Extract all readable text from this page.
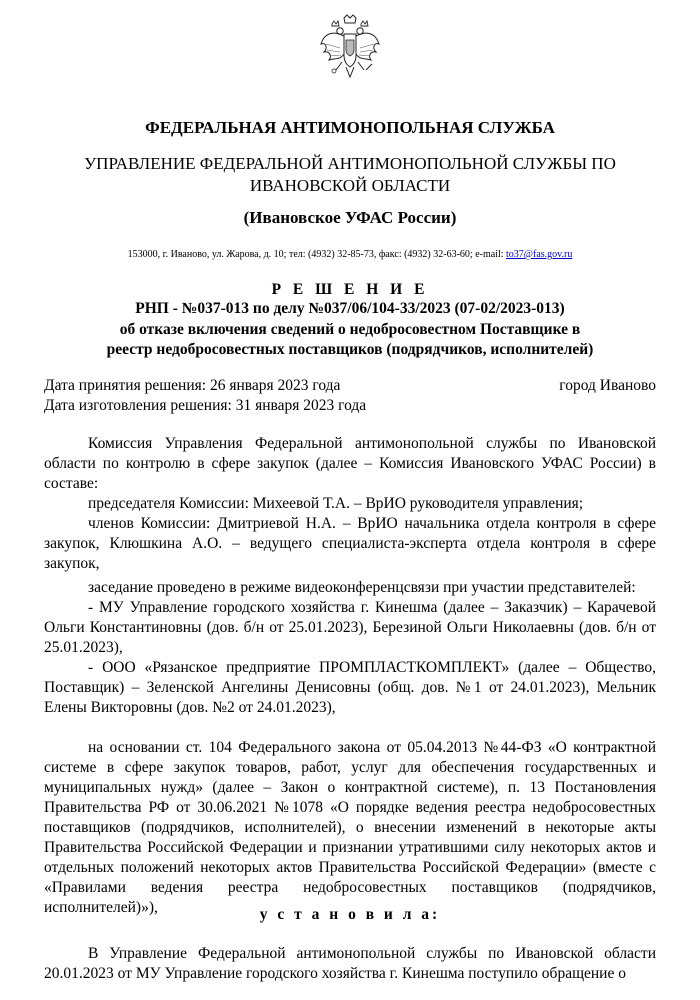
ФЕДЕРАЛЬНАЯ АНТИМОНОПОЛЬНАЯ СЛУЖБА
УПРАВЛЕНИЕ ФЕДЕРАЛЬНОЙ АНТИМОНОПОЛЬНОЙ СЛУЖБЫ ПО
ИВАНОВСКОЙ ОБЛАСТИ
(Ивановское УФАС России)
153000, г. Иваново, ул. Жарова, д. 10; тел: (4932) 32-85-73, факс: (4932) 32-63-60; e-mail: to37@fas.gov.ru
Р Е Ш Е Н И Е
РНП - №037-013 по делу №037/06/104-33/2023 (07-02/2023-013)
об отказе включения сведений о недобросовестном Поставщике в
реестр недобросовестных поставщиков (подрядчиков, исполнителей)
Дата принятия решения: 26 января 2023 года	город Иваново
Дата изготовления решения: 31 января 2023 года

Комиссия Управления Федеральной антимонопольной службы по Ивановской области по контролю в сфере закупок (далее – Комиссия Ивановского УФАС России) в составе:

председателя Комиссии: Михеевой Т.А. – ВрИО руководителя управления;

членов Комиссии: Дмитриевой Н.А. – ВрИО начальника отдела контроля в сфере закупок, Клюшкина А.О. – ведущего специалиста-эксперта отдела контроля в сфере закупок,

заседание проведено в режиме видеоконференцсвязи при участии представителей:

- МУ Управление городского хозяйства г. Кинешма (далее – Заказчик) – Карачевой Ольги Константиновны (дов. б/н от 25.01.2023), Березиной Ольги Николаевны (дов. б/н от 25.01.2023),

- ООО «Рязанское предприятие ПРОМПЛАСТКОМПЛЕКТ» (далее – Общество, Поставщик) – Зеленской Ангелины Денисовны (общ. дов. №1 от 24.01.2023), Мельник Елены Викторовны (дов. №2 от 24.01.2023),

на основании ст. 104 Федерального закона от 05.04.2013 №44-ФЗ «О контрактной системе в сфере закупок товаров, работ, услуг для обеспечения государственных и муниципальных нужд» (далее – Закон о контрактной системе), п. 13 Постановления Правительства РФ от 30.06.2021 №1078 «О порядке ведения реестра недобросовестных поставщиков (подрядчиков, исполнителей), о внесении изменений в некоторые акты Правительства Российской Федерации и признании утратившими силу некоторых актов и отдельных положений некоторых актов Правительства Российской Федерации» (вместе с «Правилами ведения реестра недобросовестных поставщиков (подрядчиков, исполнителей)»),	у с т а н о в и л а:

В Управление Федеральной антимонопольной службы по Ивановской области 20.01.2023 от МУ Управление городского хозяйства г. Кинешма поступило обращение о
